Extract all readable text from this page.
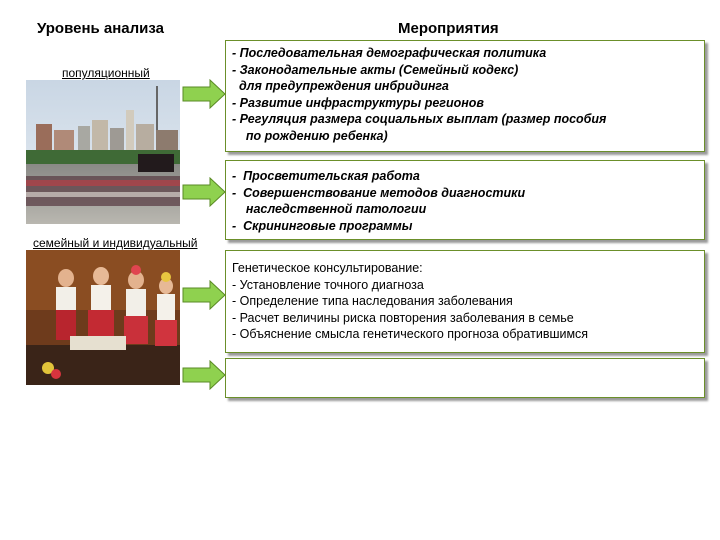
Уровень анализа	Мероприятия
популяционный
семейный и индивидуальный
- Последовательная демографическая политика
- Законодательные акты (Семейный кодекс)
для предупреждения инбридинга
- Развитие инфраструктуры регионов
- Регуляция размера социальных выплат (размер пособия
по рождению ребенка)
-  Просветительская работа
-  Совершенствование методов диагностики
наследственной патологии
-  Скрининговые программы
Генетическое консультирование:
- Установление точного диагноза
- Определение типа наследования заболевания
- Расчет величины риска повторения заболевания в семье
- Объяснение смысла генетического прогноза обратившимся
